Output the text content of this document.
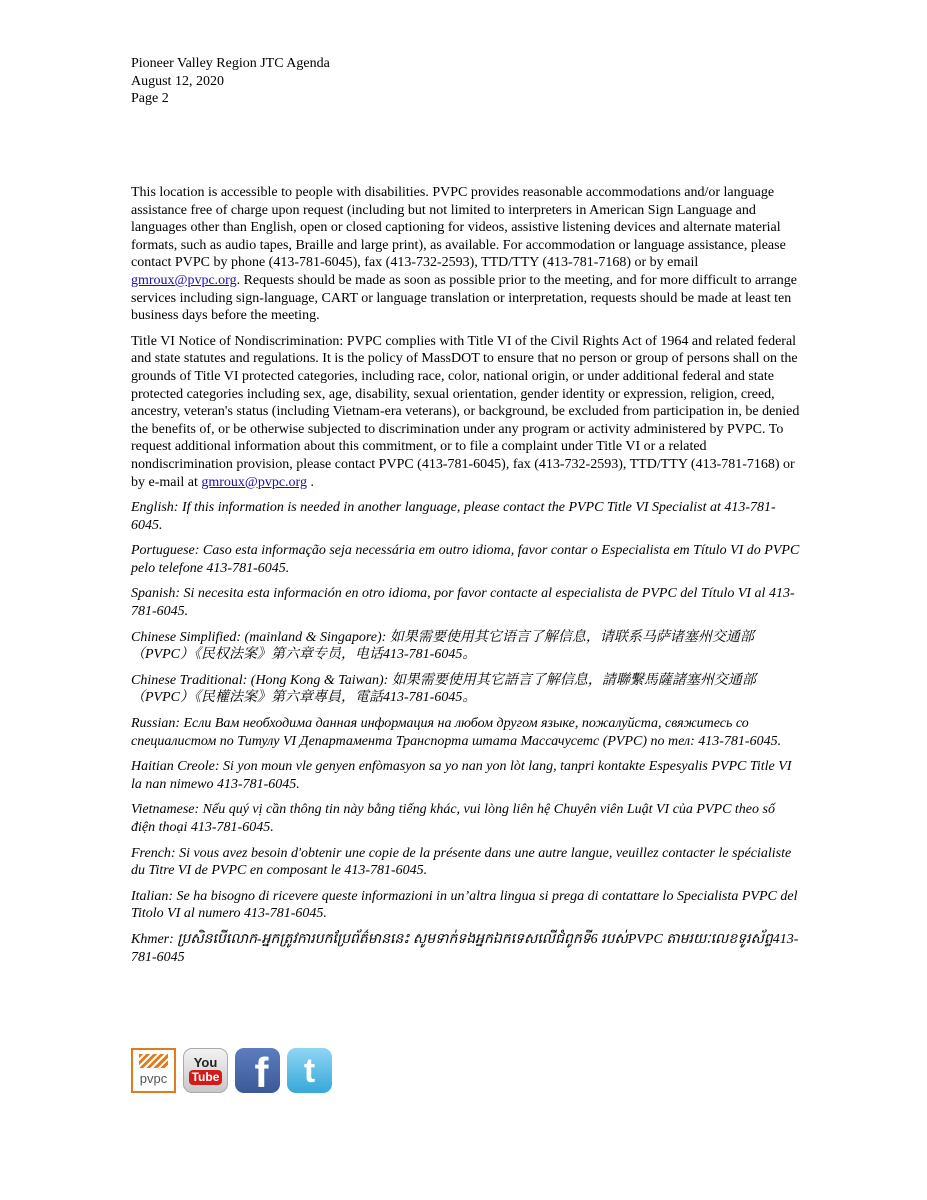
Pioneer Valley Region JTC Agenda
August 12, 2020
Page 2

This location is accessible to people with disabilities. PVPC provides reasonable accommodations and/or language assistance free of charge upon request (including but not limited to interpreters in American Sign Language and languages other than English, open or closed captioning for videos, assistive listening devices and alternate material formats, such as audio tapes, Braille and large print), as available. For accommodation or language assistance, please contact PVPC by phone (413-781-6045), fax (413-732-2593), TTD/TTY (413-781-7168) or by email gmroux@pvpc.org. Requests should be made as soon as possible prior to the meeting, and for more difficult to arrange services including sign-language, CART or language translation or interpretation, requests should be made at least ten business days before the meeting.

Title VI Notice of Nondiscrimination: PVPC complies with Title VI of the Civil Rights Act of 1964 and related federal and state statutes and regulations. It is the policy of MassDOT to ensure that no person or group of persons shall on the grounds of Title VI protected categories, including race, color, national origin, or under additional federal and state protected categories including sex, age, disability, sexual orientation, gender identity or expression, religion, creed, ancestry, veteran's status (including Vietnam-era veterans), or background, be excluded from participation in, be denied the benefits of, or be otherwise subjected to discrimination under any program or activity administered by PVPC. To request additional information about this commitment, or to file a complaint under Title VI or a related nondiscrimination provision, please contact PVPC (413-781-6045), fax (413-732-2593), TTD/TTY (413-781-7168) or by e-mail at gmroux@pvpc.org .

English: If this information is needed in another language, please contact the PVPC Title VI Specialist at 413-781-6045.

Portuguese: Caso esta informação seja necessária em outro idioma, favor contar o Especialista em Título VI do PVPC pelo telefone 413-781-6045.

Spanish: Si necesita esta información en otro idioma, por favor contacte al especialista de PVPC del Título VI al 413-781-6045.

Chinese Simplified: (mainland & Singapore): 如果需要使用其它语言了解信息，请联系马萨诸塞州交通部 （PVPC）《民权法案》第六章专员，电话413-781-6045。

Chinese Traditional: (Hong Kong & Taiwan): 如果需要使用其它語言了解信息，請聯繫馬薩諸塞州交通部 （PVPC）《民權法案》第六章專員，電話413-781-6045。

Russian: Если Вам необходима данная информация на любом другом языке, пожалуйста, свяжитесь со специалистом по Титулу VI Департамента Транспорта штата Массачусетс (PVPC) по тел: 413-781-6045.

Haitian Creole: Si yon moun vle genyen enfòmasyon sa yo nan yon lòt lang, tanpri kontakte Espesyalis PVPC Title VI la nan nimewo 413-781-6045.

Vietnamese: Nếu quý vị cần thông tin này bằng tiếng khác, vui lòng liên hệ Chuyên viên Luật VI của PVPC theo số điện thoại 413-781-6045.

French: Si vous avez besoin d'obtenir une copie de la présente dans une autre langue, veuillez contacter le spécialiste du Titre VI de PVPC en composant le 413-781-6045.

Italian: Se ha bisogno di ricevere queste informazioni in un’altra lingua si prega di contattare lo Specialista PVPC del Titolo VI al numero 413-781-6045.

Khmer: ប្រសិនបើលោក-អ្នកត្រូវការបកប្រែព័ត៌មាននេះ សូមទាក់ទងអ្នកឯកទេសលើជំពូកទី6 របស់PVPC តាមរយៈលេខទូរស័ព្ទ413-781-6045

pvpc
You
Tube f t
